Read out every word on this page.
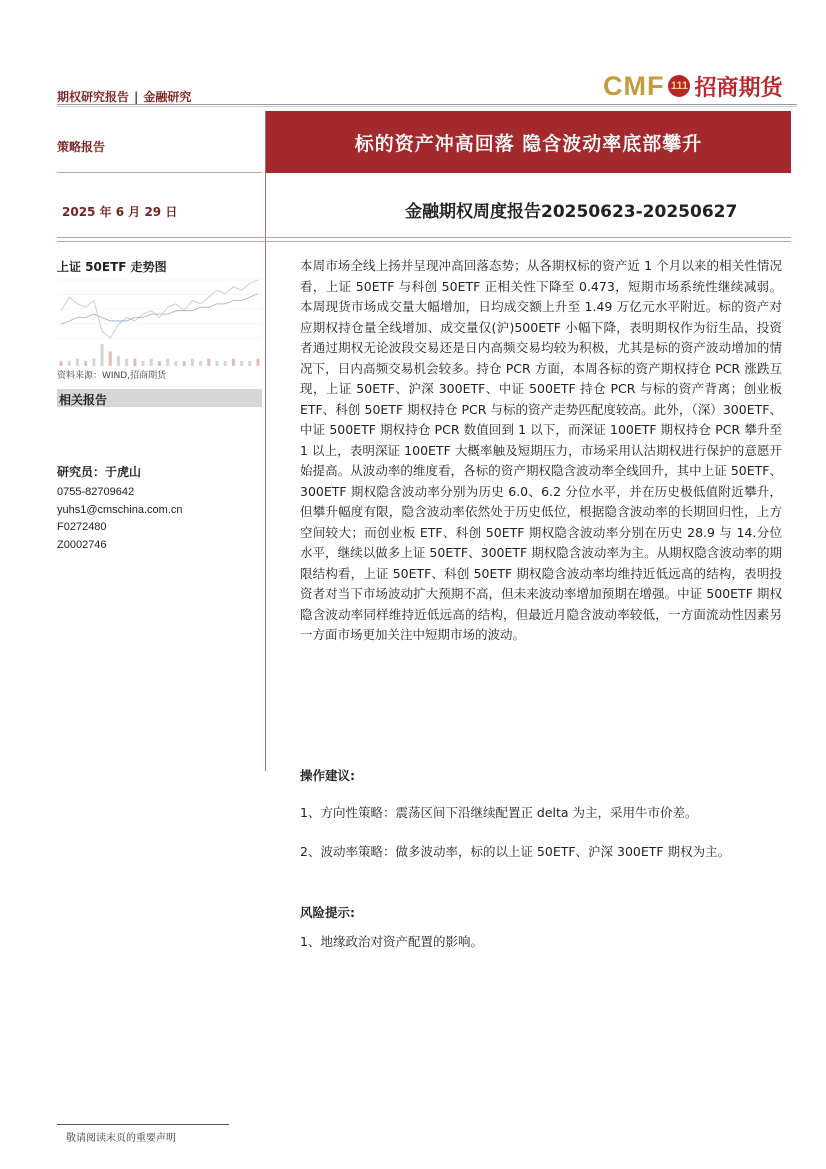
期权研究报告 | 金融研究	CMF 111 招商期货
标的资产冲高回落 隐含波动率底部攀升
策略报告
2025 年 6 月 29 日	金融期权周度报告20250623-20250627
上证 50ETF 走势图
资料来源：WIND,招商期货
相关报告
研究员：于虎山
0755-82709642
yuhs1@cmschina.com.cn
F0272480
Z0002746
本周市场全线上扬并呈现冲高回落态势；从各期权标的资产近 1 个月以来的相关性情况看，上证 50ETF 与科创 50ETF 正相关性下降至 0.473，短期市场系统性继续减弱。本周现货市场成交量大幅增加，日均成交额上升至 1.49 万亿元水平附近。标的资产对应期权持仓量全线增加、成交量仅(沪)500ETF 小幅下降，表明期权作为衍生品，投资者通过期权无论波段交易还是日内高频交易均较为积极，尤其是标的资产波动增加的情况下，日内高频交易机会较多。持仓 PCR 方面，本周各标的资产期权持仓 PCR 涨跌互现，上证 50ETF、沪深 300ETF、中证 500ETF 持仓 PCR 与标的资产背离；创业板 ETF、科创 50ETF 期权持仓 PCR 与标的资产走势匹配度较高。此外，（深）300ETF、中证 500ETF 期权持仓 PCR 数值回到 1 以下，而深证 100ETF 期权持仓 PCR 攀升至 1 以上，表明深证 100ETF 大概率触及短期压力，市场采用认沽期权进行保护的意愿开始提高。从波动率的维度看，各标的资产期权隐含波动率全线回升，其中上证 50ETF、300ETF 期权隐含波动率分别为历史 6.0、6.2 分位水平，并在历史极低值附近攀升，但攀升幅度有限，隐含波动率依然处于历史低位，根据隐含波动率的长期回归性，上方空间较大；而创业板 ETF、科创 50ETF 期权隐含波动率分别在历史 28.9 与 14.分位水平，继续以做多上证 50ETF、300ETF 期权隐含波动率为主。从期权隐含波动率的期限结构看，上证 50ETF、科创 50ETF 期权隐含波动率均维持近低远高的结构，表明投资者对当下市场波动扩大预期不高，但未来波动率增加预期在增强。中证 500ETF 期权隐含波动率同样维持近低远高的结构，但最近月隐含波动率较低，一方面流动性因素另一方面市场更加关注中短期市场的波动。
操作建议:
1、方向性策略：震荡区间下沿继续配置正 delta 为主，采用牛市价差。
2、波动率策略：做多波动率，标的以上证 50ETF、沪深 300ETF 期权为主。
风险提示:
1、地缘政治对资产配置的影响。
敬请阅读末页的重要声明
